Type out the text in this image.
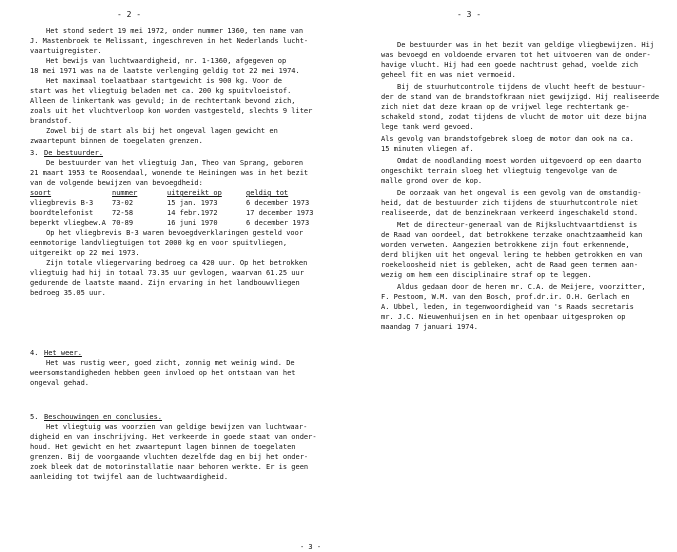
- 2 -
Het stond sedert 19 mei 1972, onder nummer 1360, ten name van
J. Mastenbroek te Melissant, ingeschreven in het Nederlands lucht-
vaartuigregister.
Het bewijs van luchtwaardigheid, nr. 1-1360, afgegeven op
18 mei 1971 was na de laatste verlenging geldig tot 22 mei 1974.
Het maximaal toelaatbaar startgewicht is 900 kg. Voor de
start was het vliegtuig beladen met ca. 200 kg spuitvloeistof.
Alleen de linkertank was gevuld; in de rechtertank bevond zich,
zoals uit het vluchtverloop kon worden vastgesteld, slechts 9 liter
brandstof.
Zowel bij de start als bij het ongeval lagen gewicht en
zwaartepunt binnen de toegelaten grenzen.
3. De bestuurder.
De bestuurder van het vliegtuig Jan, Theo van Sprang, geboren
21 maart 1953 te Roosendaal, wonende te Heiningen was in het bezit
van de volgende bewijzen van bevoegdheid:
soort	nummer	uitgereikt op	geldig tot
vliegbrevis B-3	73-02	15 jan. 1973	6 december 1973
boordtelefonist	72-58	14 febr.1972	17 december 1973
beperkt vliegbew.A	70-89	16 juni 1970	6 december 1973
Op het vliegbrevis B-3 waren bevoegdverklaringen gesteld voor
eenmotorige landvliegtuigen tot 2000 kg en voor spuitvliegen,
uitgereikt op 22 mei 1973.
Zijn totale vliegervaring bedroeg ca 420 uur. Op het betrokken
vliegtuig had hij in totaal 73.35 uur gevlogen, waarvan 61.25 uur
gedurende de laatste maand. Zijn ervaring in het landbouwvliegen
bedroeg 35.05 uur.
4. Het weer.
Het was rustig weer, goed zicht, zonnig met weinig wind. De
weersomstandigheden hebben geen invloed op het ontstaan van het
ongeval gehad.
5. Beschouwingen en conclusies.
Het vliegtuig was voorzien van geldige bewijzen van luchtwaar-
digheid en van inschrijving. Het verkeerde in goede staat van onder-
houd. Het gewicht en het zwaartepunt lagen binnen de toegelaten
grenzen. Bij de voorgaande vluchten dezelfde dag en bij het onder-
zoek bleek dat de motorinstallatie naar behoren werkte. Er is geen
aanleiding tot twijfel aan de luchtwaardigheid.
- 3 -
- 3 -
De bestuurder was in het bezit van geldige vliegbewijzen. Hij
was bevoegd en voldoende ervaren tot het uitvoeren van de onder-
havige vlucht. Hij had een goede nachtrust gehad, voelde zich
geheel fit en was niet vermoeid.
Bij de stuurhutcontrole tijdens de vlucht heeft de bestuur-
der de stand van de brandstofkraan niet gewijzigd. Hij realiseerde
zich niet dat deze kraan op de vrijwel lege rechtertank ge-
schakeld stond, zodat tijdens de vlucht de motor uit deze bijna
lege tank werd gevoed.
Als gevolg van brandstofgebrek sloeg de motor dan ook na ca.
15 minuten vliegen af.
Omdat de noodlanding moest worden uitgevoerd op een daarto
ongeschikt terrain sloeg het vliegtuig tengevolge van de
malle grond over de kop.
De oorzaak van het ongeval is een gevolg van de omstandig-
heid, dat de bestuurder zich tijdens de stuurhutcontrole niet
realiseerde, dat de benzinekraan verkeerd ingeschakeld stond.
Met de directeur-generaal van de Rijksluchtvaartdienst is
de Raad van oordeel, dat betrokkene terzake onachtzaamheid kan
worden verweten. Aangezien betrokkene zijn fout erkennende,
derd blijken uit het ongeval lering te hebben getrokken en van
roekeloosheid niet is gebleken, acht de Raad geen termen aan-
wezig om hem een disciplinaire straf op te leggen.
Aldus gedaan door de heren mr. C.A. de Meijere, voorzitter,
F. Pestoom, W.M. van den Bosch, prof.dr.ir. O.H. Gerlach en
A. Ubbel, leden, in tegenwoordigheid van 's Raads secretaris
mr. J.C. Nieuwenhuijsen en in het openbaar uitgesproken op
maandag 7 januari 1974.
